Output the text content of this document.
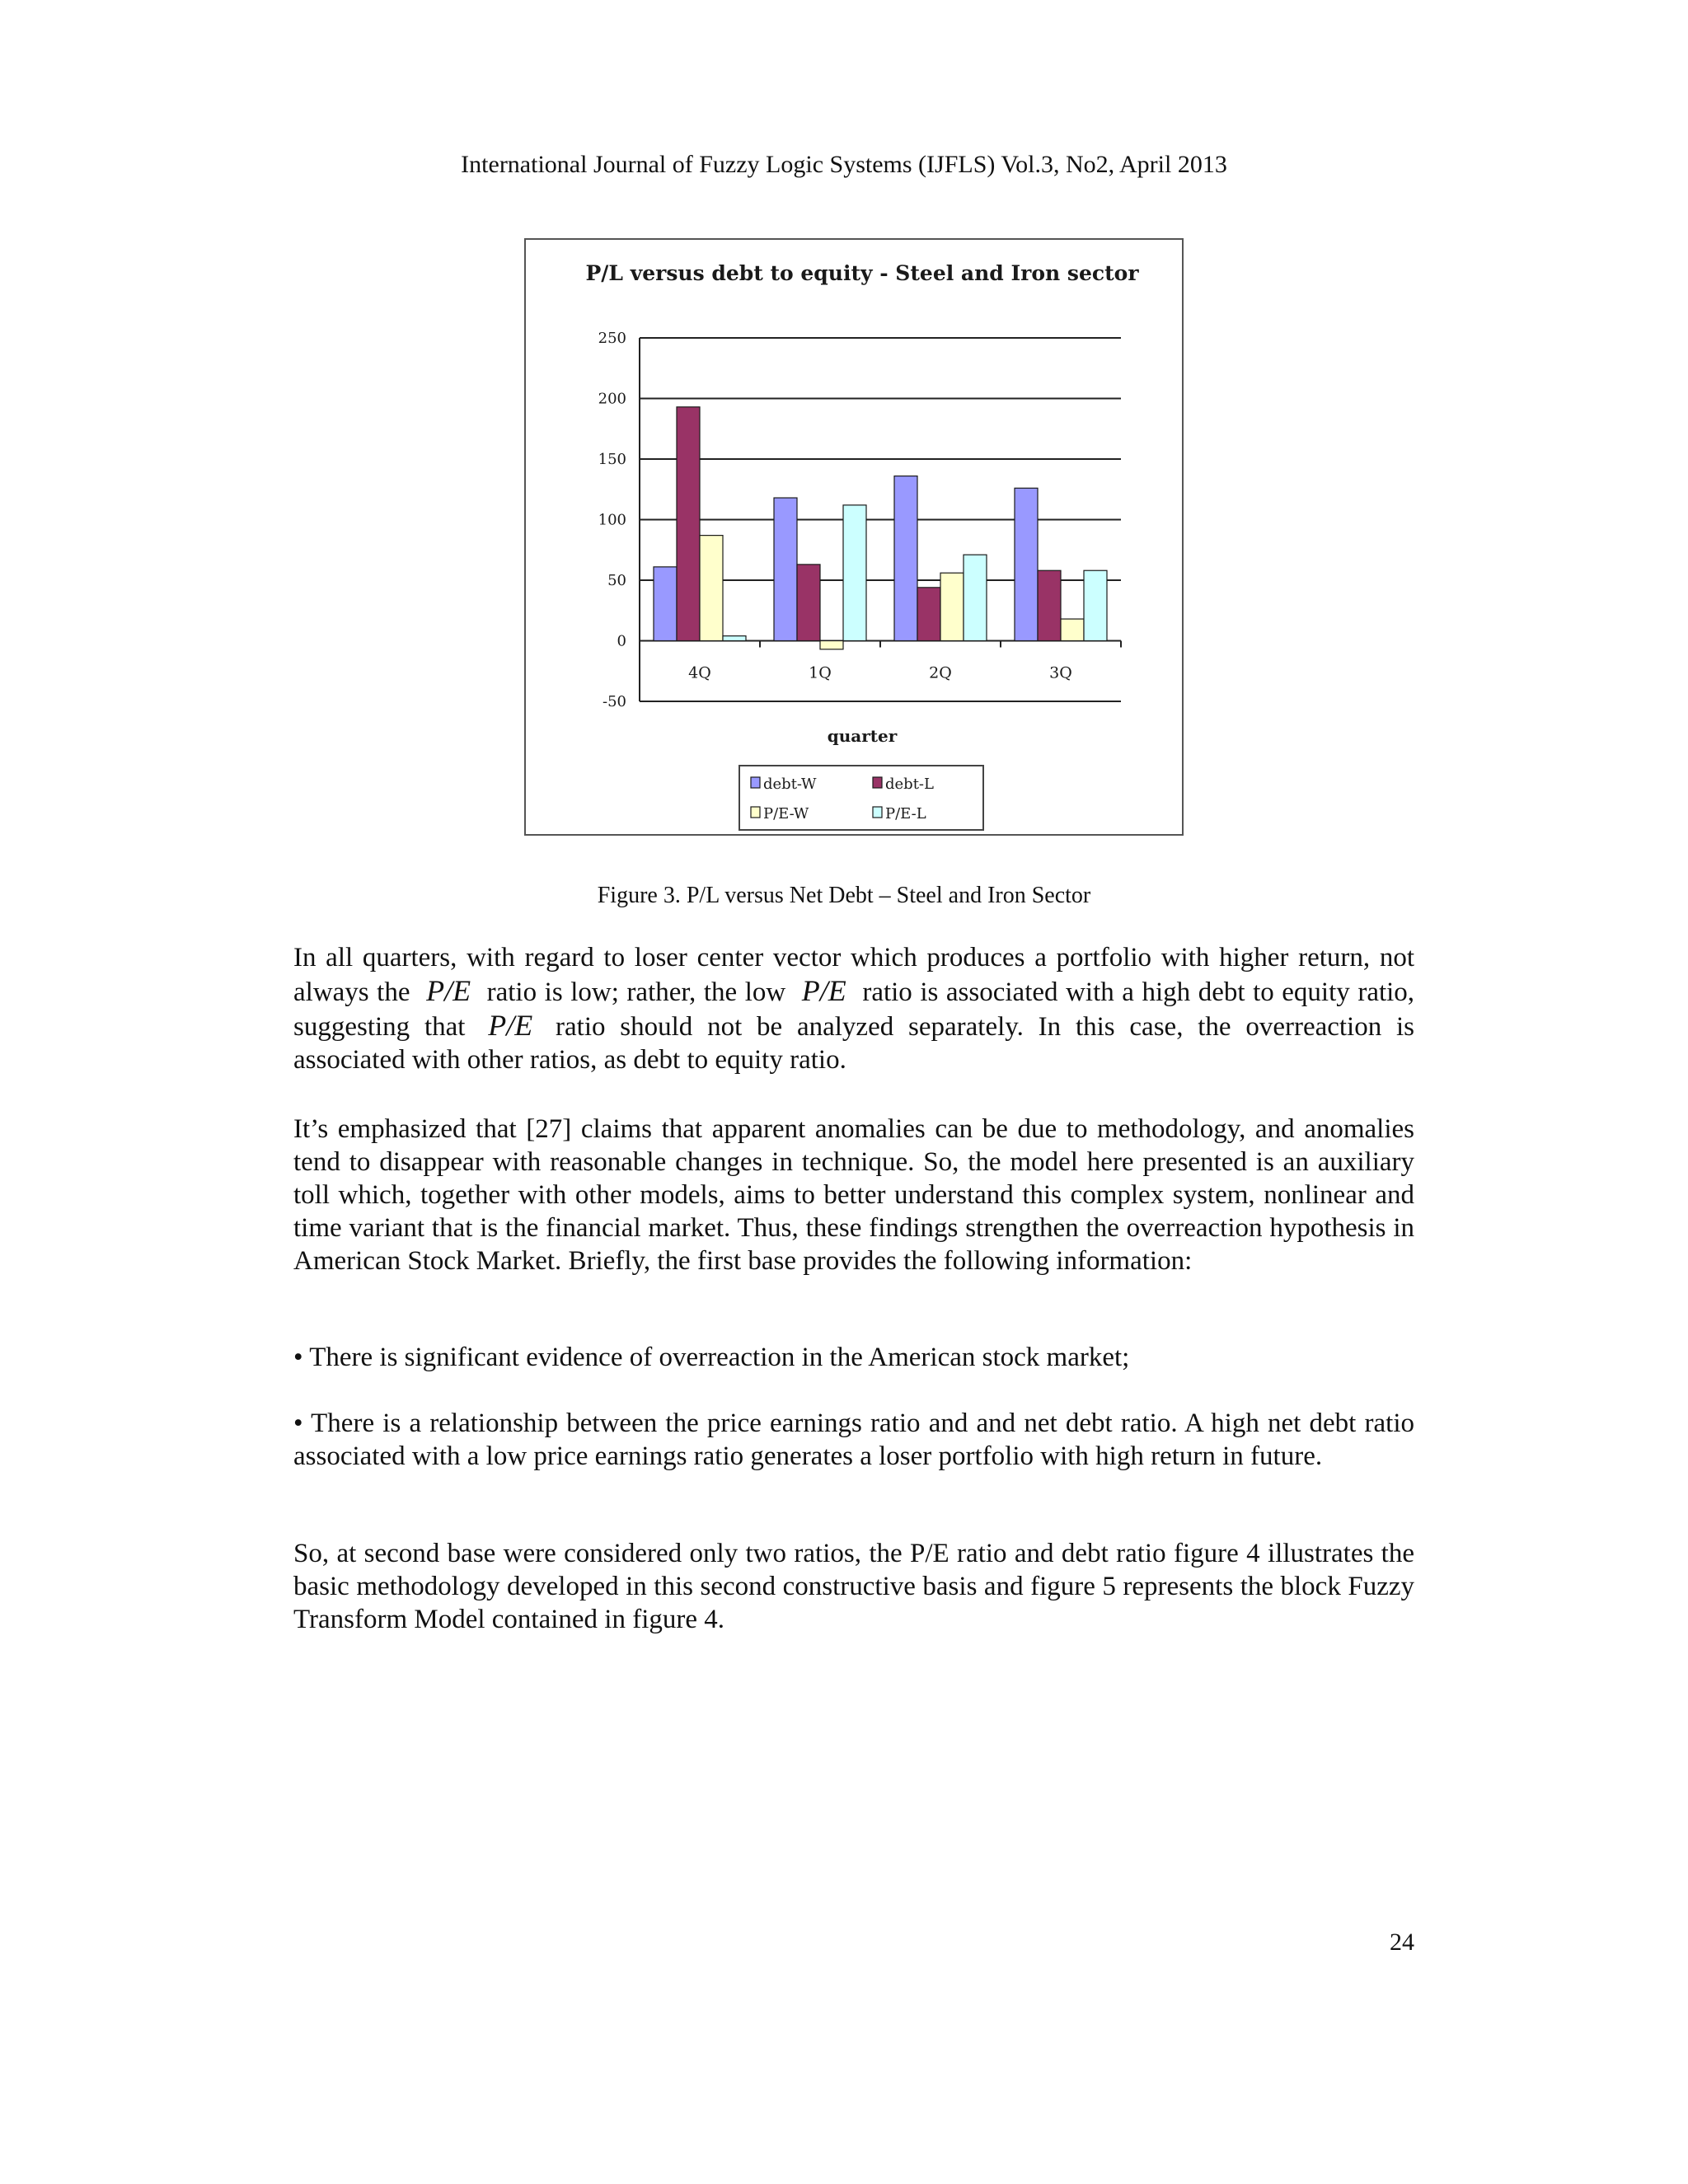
International Journal of Fuzzy Logic Systems (IJFLS) Vol.3, No2, April 2013
P/L versus debt to equity - Steel and Iron sector
250
200
150
100
50
0
-50
4Q	1Q	2Q	3Q
quarter
debt-W	debt-L
P/E-W	P/E-L
Figure 3. P/L versus Net Debt – Steel and Iron Sector
In all quarters, with regard to loser center vector which produces a portfolio with higher return, not always the P/E ratio is low; rather, the low P/E ratio is associated with a high debt to equity ratio, suggesting that P/E ratio should not be analyzed separately. In this case, the overreaction is associated with other ratios, as debt to equity ratio.
It’s emphasized that [27] claims that apparent anomalies can be due to methodology, and anomalies tend to disappear with reasonable changes in technique. So, the model here presented is an auxiliary toll which, together with other models, aims to better understand this complex system, nonlinear and time variant that is the financial market. Thus, these findings strengthen the overreaction hypothesis in American Stock Market. Briefly, the first base provides the following information:
• There is significant evidence of overreaction in the American stock market;
• There is a relationship between the price earnings ratio and and net debt ratio. A high net debt ratio associated with a low price earnings ratio generates a loser portfolio with high return in future.
So, at second base were considered only two ratios, the P/E ratio and debt ratio figure 4 illustrates the basic methodology developed in this second constructive basis and figure 5 represents the block Fuzzy Transform Model contained in figure 4.
24
